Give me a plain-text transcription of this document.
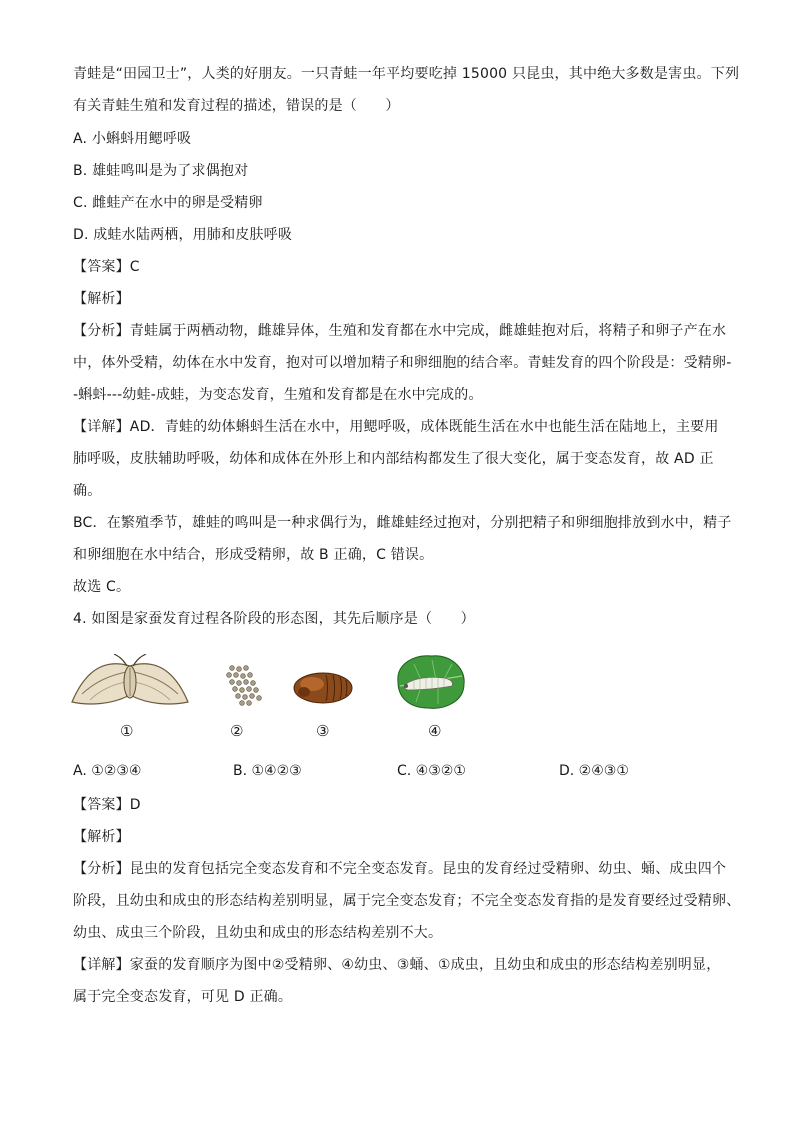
青蛙是“田园卫士”，人类的好朋友。一只青蛙一年平均要吃掉 15000 只昆虫，其中绝大多数是害虫。下列
有关青蛙生殖和发育过程的描述，错误的是（　　）
A. 小蝌蚪用鳃呼吸
B. 雄蛙鸣叫是为了求偶抱对
C. 雌蛙产在水中的卵是受精卵
D. 成蛙水陆两栖，用肺和皮肤呼吸
【答案】C
【解析】
【分析】青蛙属于两栖动物，雌雄异体，生殖和发育都在水中完成，雌雄蛙抱对后，将精子和卵子产在水
中，体外受精，幼体在水中发育，抱对可以增加精子和卵细胞的结合率。青蛙发育的四个阶段是：受精卵-
-蝌蚪---幼蛙-成蛙，为变态发育，生殖和发育都是在水中完成的。
【详解】AD．青蛙的幼体蝌蚪生活在水中，用鳃呼吸，成体既能生活在水中也能生活在陆地上，主要用
肺呼吸，皮肤辅助呼吸，幼体和成体在外形上和内部结构都发生了很大变化，属于变态发育，故 AD 正
确。
BC．在繁殖季节，雄蛙的鸣叫是一种求偶行为，雌雄蛙经过抱对，分别把精子和卵细胞排放到水中，精子
和卵细胞在水中结合，形成受精卵，故 B 正确，C 错误。
故选 C。
4. 如图是家蚕发育过程各阶段的形态图，其先后顺序是（　　）
①	②	③	④
A. ①②③④	B. ①④②③	C. ④③②①	D. ②④③①
【答案】D
【解析】
【分析】昆虫的发育包括完全变态发育和不完全变态发育。昆虫的发育经过受精卵、幼虫、蛹、成虫四个
阶段，且幼虫和成虫的形态结构差别明显，属于完全变态发育；不完全变态发育指的是发育要经过受精卵、
幼虫、成虫三个阶段，且幼虫和成虫的形态结构差别不大。
【详解】家蚕的发育顺序为图中②受精卵、④幼虫、③蛹、①成虫，且幼虫和成虫的形态结构差别明显，
属于完全变态发育，可见 D 正确。
